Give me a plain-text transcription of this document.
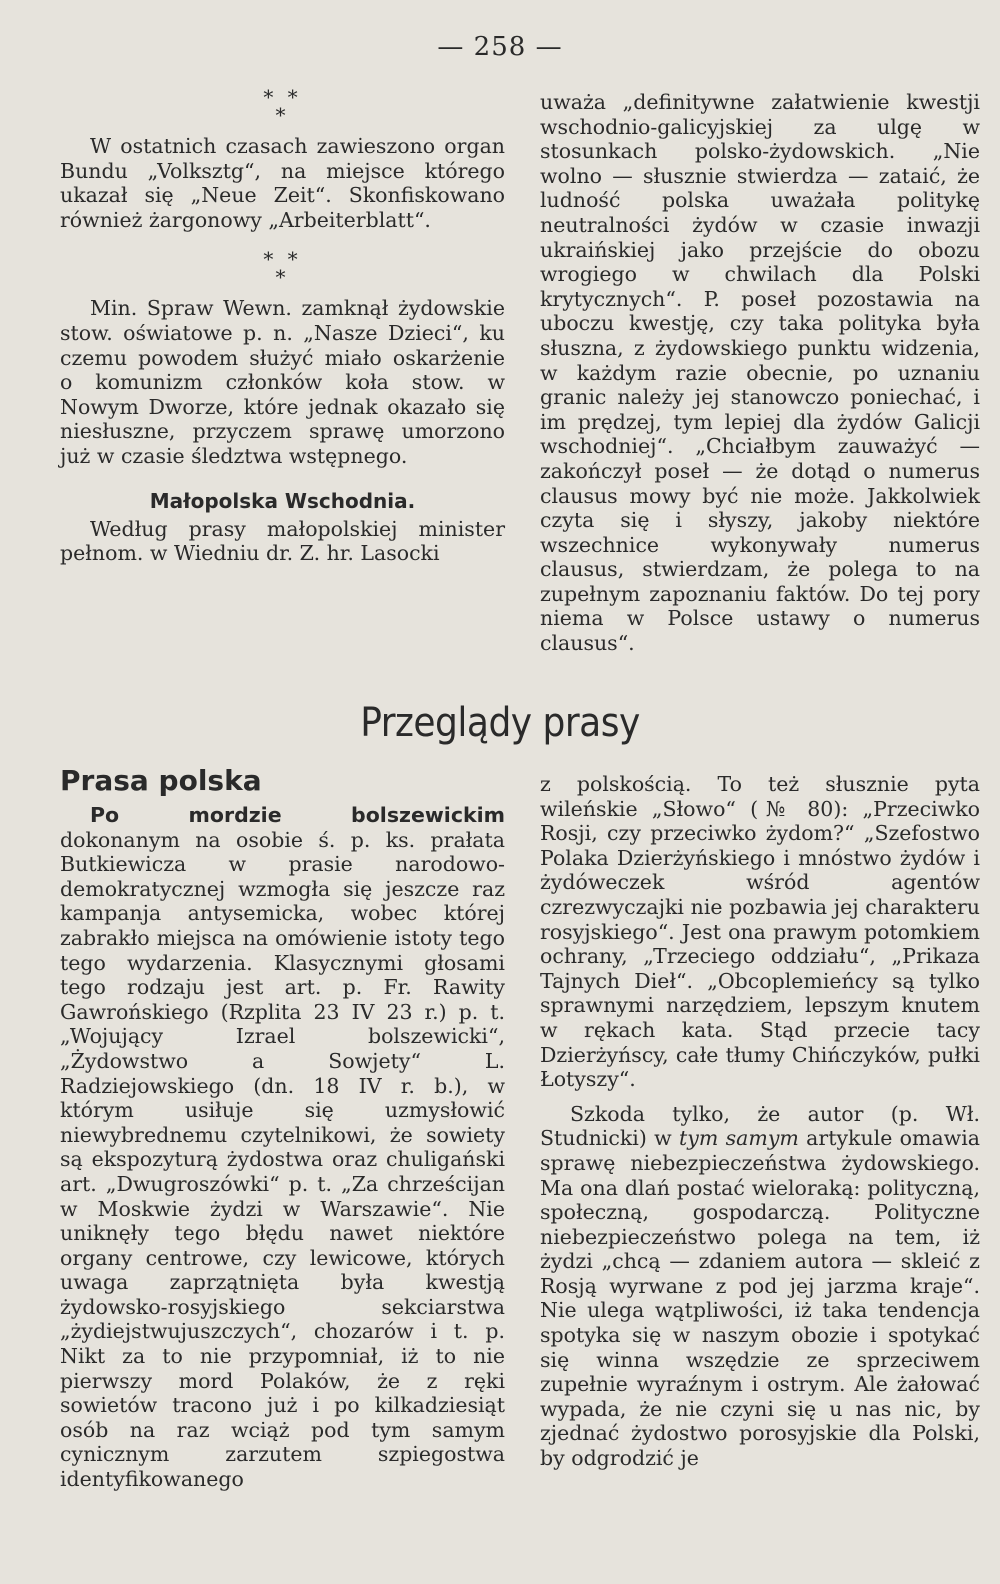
— 258 —
* *
*

W ostatnich czasach zawieszono organ Bundu „Volksztg“, na miejsce którego ukazał się „Neue Zeit“. Skonfiskowano również żargonowy „Arbeiterblatt“.

* *
*

Min. Spraw Wewn. zamknął żydowskie stow. oświatowe p. n. „Nasze Dzieci“, ku czemu powodem służyć miało oskarżenie o komunizm członków koła stow. w Nowym Dworze, które jednak okazało się niesłuszne, przyczem sprawę umorzono już w czasie śledztwa wstępnego.

Małopolska Wschodnia.

Według prasy małopolskiej minister pełnom. w Wiedniu dr. Z. hr. Lasocki

uważa „definitywne załatwienie kwestji wschodnio-galicyjskiej za ulgę w stosunkach polsko-żydowskich. „Nie wolno — słusznie stwierdza — zataić, że ludność polska uważała politykę neutralności żydów w czasie inwazji ukraińskiej jako przejście do obozu wrogiego w chwilach dla Polski krytycznych“. P. poseł pozostawia na uboczu kwestję, czy taka polityka była słuszna, z żydowskiego punktu widzenia, w każdym razie obecnie, po uznaniu granic należy jej stanowczo poniechać, i im prędzej, tym lepiej dla żydów Galicji wschodniej“. „Chciałbym zauważyć — zakończył poseł — że dotąd o numerus clausus mowy być nie może. Jakkolwiek czyta się i słyszy, jakoby niektóre wszechnice wykonywały numerus clausus, stwierdzam, że polega to na zupełnym zapoznaniu faktów. Do tej pory niema w Polsce ustawy o numerus clausus“.

Przeglądy prasy
Prasa polska

Po mordzie bolszewickim dokonanym na osobie ś. p. ks. prałata Butkiewicza w prasie narodowo-demokratycznej wzmogła się jeszcze raz kampanja antysemicka, wobec której zabrakło miejsca na omówienie istoty tego tego wydarzenia. Klasycznymi głosami tego rodzaju jest art. p. Fr. Rawity Gawrońskiego (Rzplita 23 IV 23 r.) p. t. „Wojujący Izrael bolszewicki“, „Żydowstwo a Sowjety“ L. Radziejowskiego (dn. 18 IV r. b.), w którym usiłuje się uzmysłowić niewybrednemu czytelnikowi, że sowiety są ekspozyturą żydostwa oraz chuligański art. „Dwugroszówki“ p. t. „Za chrześcijan w Moskwie żydzi w Warszawie“. Nie uniknęły tego błędu nawet niektóre organy centrowe, czy lewicowe, których uwaga zaprzątnięta była kwestją żydowsko-rosyjskiego sekciarstwa „żydiejstwujuszczych“, chozarów i t. p. Nikt za to nie przypomniał, iż to nie pierwszy mord Polaków, że z ręki sowietów tracono już i po kilkadziesiąt osób na raz wciąż pod tym samym cynicznym zarzutem szpiegostwa identyfikowanego

z polskością. To też słusznie pyta wileńskie „Słowo“ (№ 80): „Przeciwko Rosji, czy przeciwko żydom?“ „Szefostwo Polaka Dzierżyńskiego i mnóstwo żydów i żydóweczek wśród agentów czrezwyczajki nie pozbawia jej charakteru rosyjskiego“. Jest ona prawym potomkiem ochrany, „Trzeciego oddziału“, „Prikaza Tajnych Dieł“. „Obcoplemieńcy są tylko sprawnymi narzędziem, lepszym knutem w rękach kata. Stąd przecie tacy Dzierżyńscy, całe tłumy Chińczyków, pułki Łotyszy“.

Szkoda tylko, że autor (p. Wł. Studnicki) w tym samym artykule omawia sprawę niebezpieczeństwa żydowskiego. Ma ona dlań postać wieloraką: polityczną, społeczną, gospodarczą. Polityczne niebezpieczeństwo polega na tem, iż żydzi „chcą — zdaniem autora — skleić z Rosją wyrwane z pod jej jarzma kraje“. Nie ulega wątpliwości, iż taka tendencja spotyka się w naszym obozie i spotykać się winna wszędzie ze sprzeciwem zupełnie wyraźnym i ostrym. Ale żałować wypada, że nie czyni się u nas nic, by zjednać żydostwo porosyjskie dla Polski, by odgrodzić je
